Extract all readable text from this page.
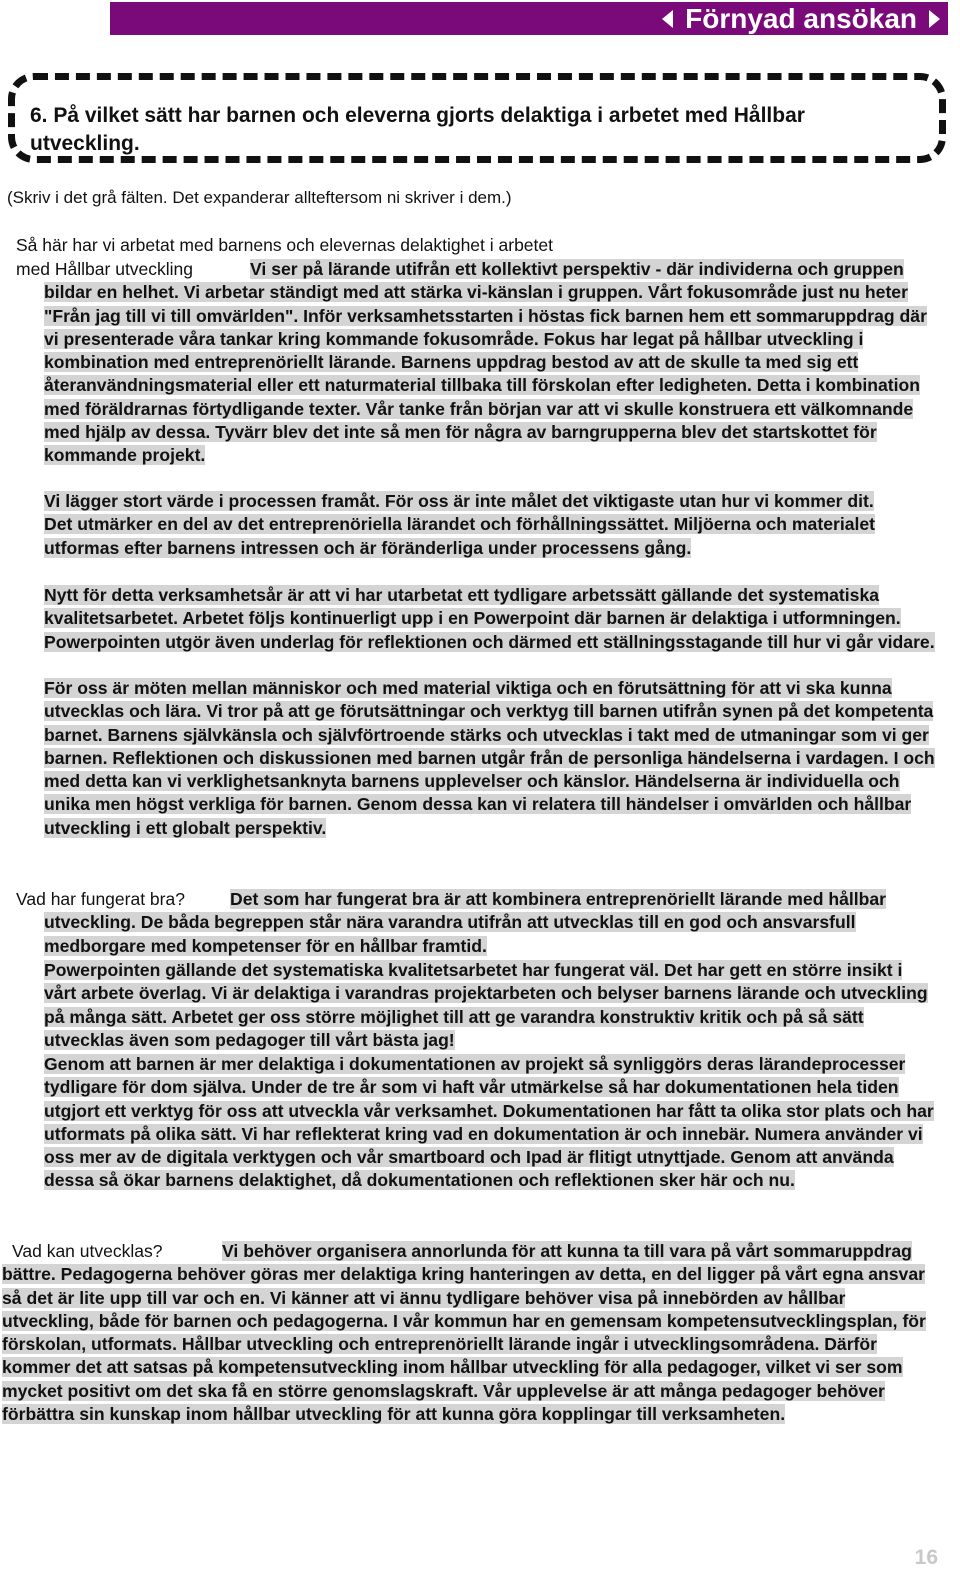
Förnyad ansökan
6. På vilket sätt har barnen och eleverna gjorts delaktiga i arbetet med Hållbar utveckling.
(Skriv i det grå fälten. Det expanderar allteftersom ni skriver i dem.)
Så här har vi arbetat med barnens och elevernas delaktighet i arbetet
med Hållbar utveckling	Vi ser på lärande utifrån ett kollektivt perspektiv - där individerna och gruppen bildar en helhet. Vi arbetar ständigt med att stärka vi-känslan i gruppen. Vårt fokusområde just nu heter "Från jag till vi till omvärlden". Inför verksamhetsstarten i höstas fick barnen hem ett sommaruppdrag där vi presenterade våra tankar kring kommande fokusområde. Fokus har legat på hållbar utveckling i kombination med entreprenöriellt lärande. Barnens uppdrag bestod av att de skulle ta med sig ett återanvändningsmaterial eller ett naturmaterial tillbaka till förskolan efter ledigheten. Detta i kombination med föräldrarnas förtydligande texter. Vår tanke från början var att vi skulle konstruera ett välkomnande med hjälp av dessa. Tyvärr blev det inte så men för några av barngrupperna blev det startskottet för kommande projekt.
Vi lägger stort värde i processen framåt. För oss är inte målet det viktigaste utan hur vi kommer dit. Det utmärker en del av det entreprenöriella lärandet och förhållningssättet. Miljöerna och materialet utformas efter barnens intressen och är föränderliga under processens gång.
Nytt för detta verksamhetsår är att vi har utarbetat ett tydligare arbetssätt gällande det systematiska kvalitetsarbetet. Arbetet följs kontinuerligt upp i en Powerpoint där barnen är delaktiga i utformningen. Powerpointen utgör även underlag för reflektionen och därmed ett ställningsstagande till hur vi går vidare.
För oss är möten mellan människor och med material viktiga och en förutsättning för att vi ska kunna utvecklas och lära. Vi tror på att ge förutsättningar och verktyg till barnen utifrån synen på det kompetenta barnet. Barnens självkänsla och självförtroende stärks och utvecklas i takt med de utmaningar som vi ger barnen. Reflektionen och diskussionen med barnen utgår från de personliga händelserna i vardagen. I och med detta kan vi verklighetsanknyta barnens upplevelser och känslor. Händelserna är individuella och unika men högst verkliga för barnen. Genom dessa kan vi relatera till händelser i omvärlden och hållbar utveckling i ett globalt perspektiv.
Vad har fungerat bra?	Det som har fungerat bra är att kombinera entreprenöriellt lärande med hållbar utveckling. De båda begreppen står nära varandra utifrån att utvecklas till en god och ansvarsfull medborgare med kompetenser för en hållbar framtid.
Powerpointen gällande det systematiska kvalitetsarbetet har fungerat väl. Det har gett en större insikt i vårt arbete överlag. Vi är delaktiga i varandras projektarbeten och belyser barnens lärande och utveckling på många sätt. Arbetet ger oss större möjlighet till att ge varandra konstruktiv kritik och på så sätt utvecklas även som pedagoger till vårt bästa jag!
Genom att barnen är mer delaktiga i dokumentationen av projekt så synliggörs deras lärandeprocesser tydligare för dom själva. Under de tre år som vi haft vår utmärkelse så har dokumentationen hela tiden utgjort ett verktyg för oss att utveckla vår verksamhet. Dokumentationen har fått ta olika stor plats och har utformats på olika sätt. Vi har reflekterat kring vad en dokumentation är och innebär. Numera använder vi oss mer av de digitala verktygen och vår smartboard och Ipad är flitigt utnyttjade. Genom att använda dessa så ökar barnens delaktighet, då dokumentationen och reflektionen sker här och nu.
Vad kan utvecklas?	Vi behöver organisera annorlunda för att kunna ta till vara på vårt sommaruppdrag bättre. Pedagogerna behöver göras mer delaktiga kring hanteringen av detta, en del ligger på vårt egna ansvar så det är lite upp till var och en. Vi känner att vi ännu tydligare behöver visa på innebörden av hållbar utveckling, både för barnen och pedagogerna. I vår kommun har en gemensam kompetensutvecklingsplan, för förskolan, utformats. Hållbar utveckling och entreprenöriellt lärande ingår i utvecklingsområdena. Därför kommer det att satsas på kompetensutveckling inom hållbar utveckling för alla pedagoger, vilket vi ser som mycket positivt om det ska få en större genomslagskraft. Vår upplevelse är att många pedagoger behöver förbättra sin kunskap inom hållbar utveckling för att kunna göra kopplingar till verksamheten.
16
